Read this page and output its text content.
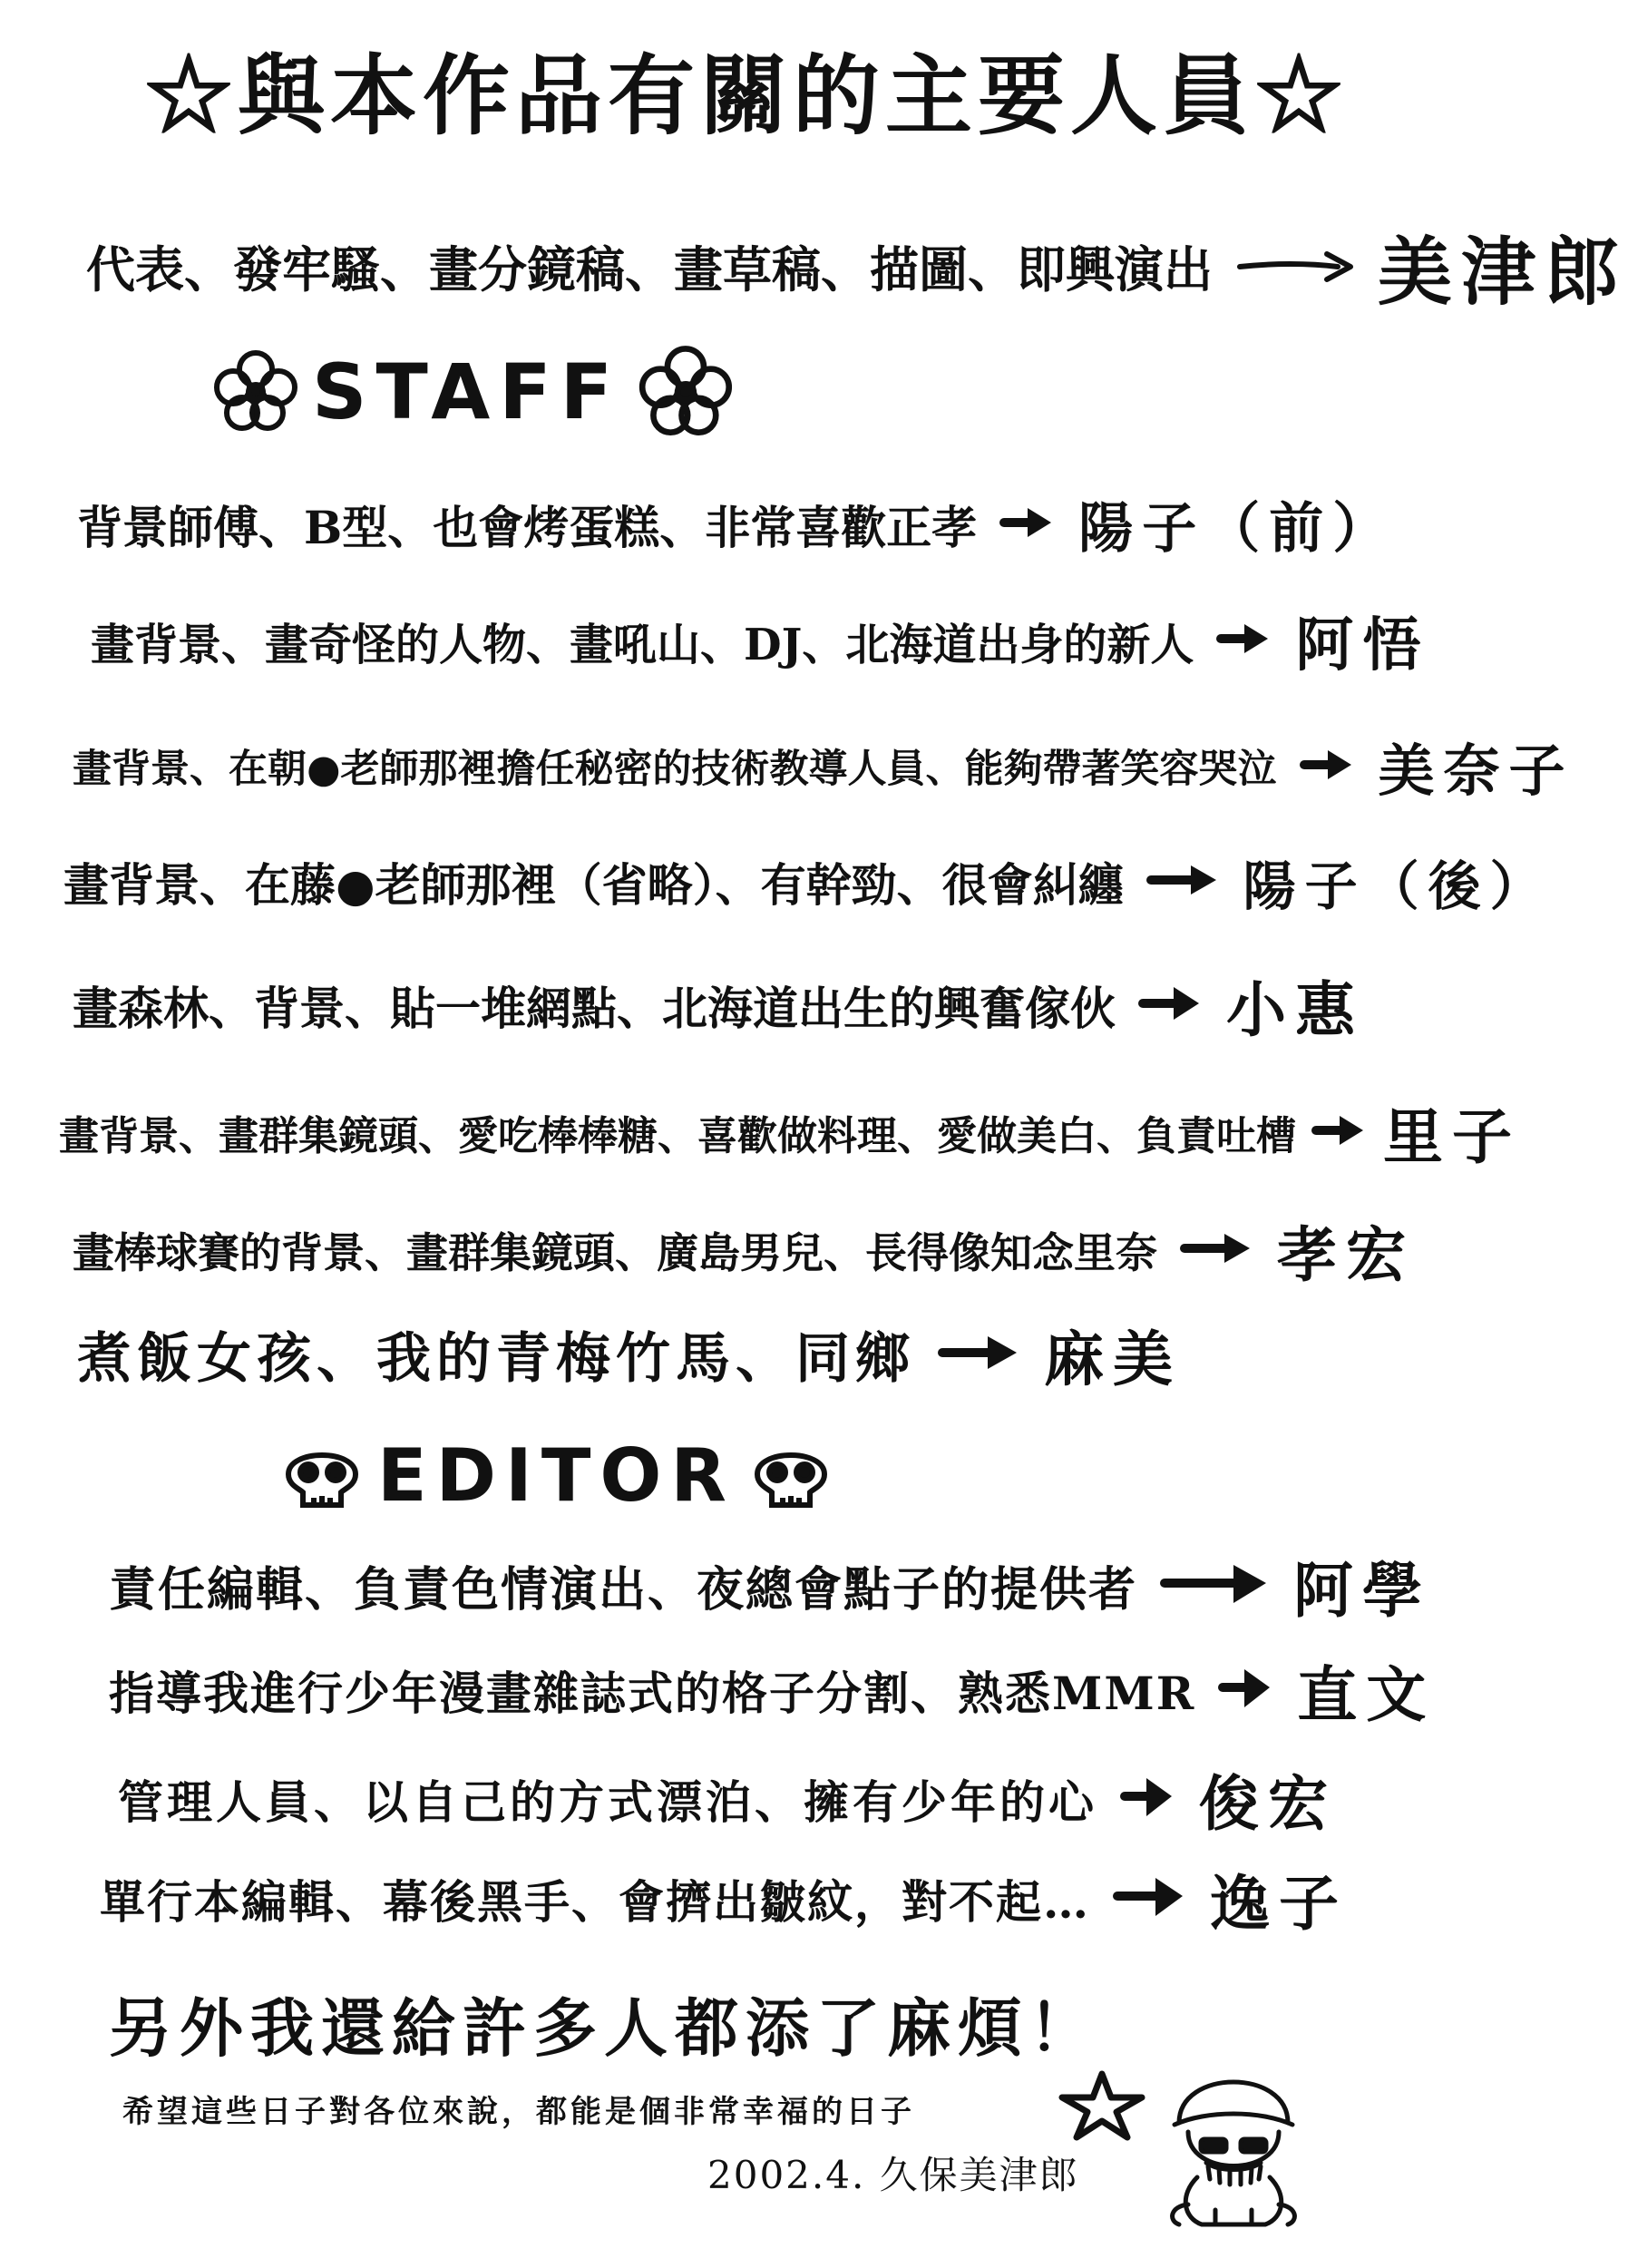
☆與本作品有關的主要人員☆
代表、發牢騷、畫分鏡稿、畫草稿、描圖、即興演出 美津郎
STAFF
背景師傅、B型、也會烤蛋糕、非常喜歡正孝 陽子（前）
畫背景、畫奇怪的人物、畫吼山、DJ、北海道出身的新人 阿悟
畫背景、在朝●老師那裡擔任秘密的技術教導人員、能夠帶著笑容哭泣 美奈子
畫背景、在藤●老師那裡（省略）、有幹勁、很會糾纏 陽子（後）
畫森林、背景、貼一堆網點、北海道出生的興奮傢伙 小惠
畫背景、畫群集鏡頭、愛吃棒棒糖、喜歡做料理、愛做美白、負責吐槽 里子
畫棒球賽的背景、畫群集鏡頭、廣島男兒、長得像知念里奈 孝宏
煮飯女孩、我的青梅竹馬、同鄉 麻美
EDITOR
責任編輯、負責色情演出、夜總會點子的提供者	阿學
指導我進行少年漫畫雜誌式的格子分割、熟悉MMR 直文
管理人員、以自己的方式漂泊、擁有少年的心 俊宏
單行本編輯、幕後黑手、會擠出皺紋，對不起… 逸子
另外我還給許多人都添了麻煩！
希望這些日子對各位來說，都能是個非常幸福的日子
2002.4. 久保美津郎
